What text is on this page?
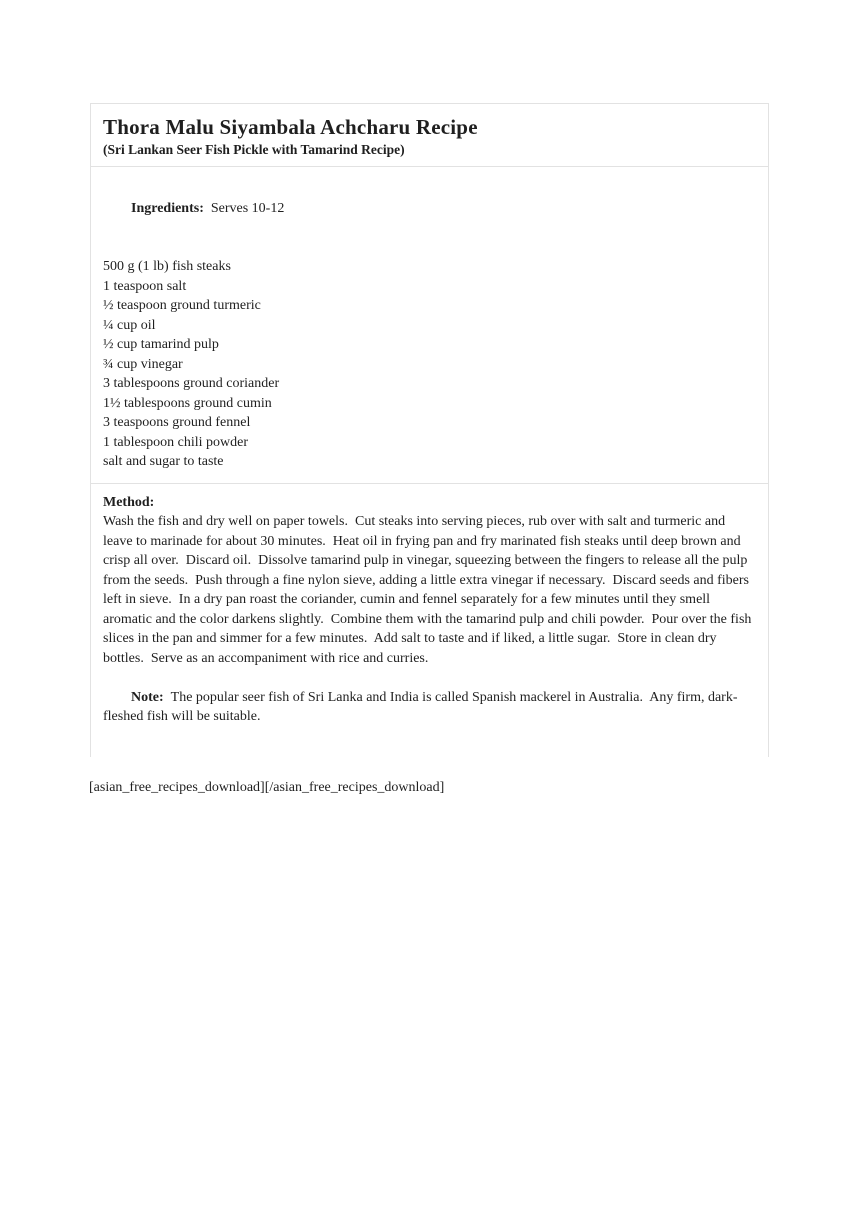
Thora Malu Siyambala Achcharu Recipe
(Sri Lankan Seer Fish Pickle with Tamarind Recipe)

Ingredients: Serves 10-12

500 g (1 lb) fish steaks
1 teaspoon salt
½ teaspoon ground turmeric
¼ cup oil
½ cup tamarind pulp
¾ cup vinegar
3 tablespoons ground coriander
1½ tablespoons ground cumin
3 teaspoons ground fennel
1 tablespoon chili powder
salt and sugar to taste
Method:
Wash the fish and dry well on paper towels.  Cut steaks into serving pieces, rub over with salt and turmeric and leave to marinade for about 30 minutes.  Heat oil in frying pan and fry marinated fish steaks until deep brown and crisp all over.  Discard oil.  Dissolve tamarind pulp in vinegar, squeezing between the fingers to release all the pulp from the seeds.  Push through a fine nylon sieve, adding a little extra vinegar if necessary.  Discard seeds and fibers left in sieve.  In a dry pan roast the coriander, cumin and fennel separately for a few minutes until they smell aromatic and the color darkens slightly.  Combine them with the tamarind pulp and chili powder.  Pour over the fish slices in the pan and simmer for a few minutes.  Add salt to taste and if liked, a little sugar.  Store in clean dry bottles.  Serve as an accompaniment with rice and curries.

Note: The popular seer fish of Sri Lanka and India is called Spanish mackerel in Australia.  Any firm, dark-fleshed fish will be suitable.

[asian_free_recipes_download][/asian_free_recipes_download]
